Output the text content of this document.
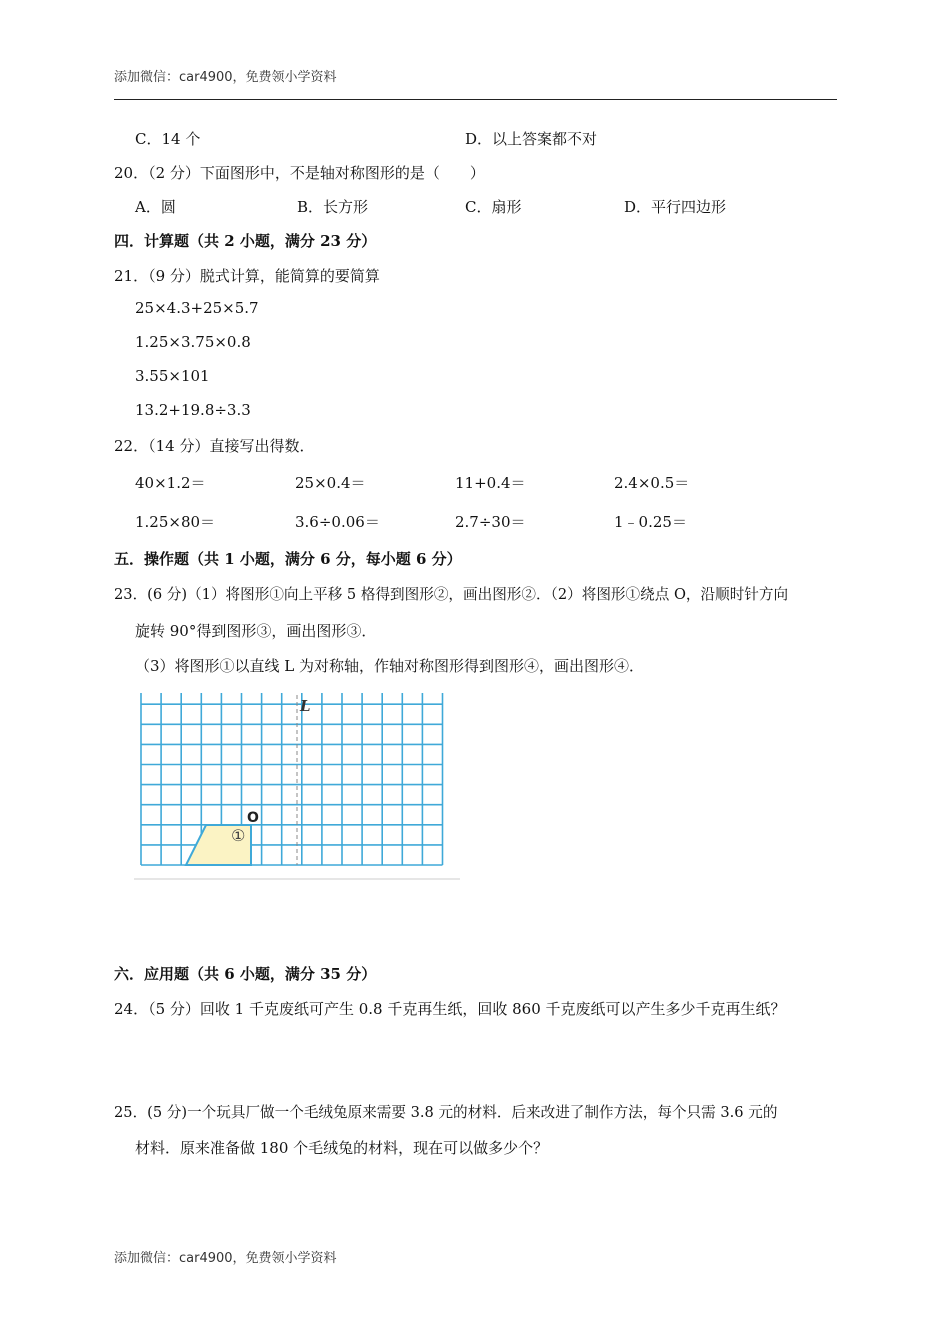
添加微信：car4900，免费领小学资料
C．14 个	D．以上答案都不对
20．（2 分）下面图形中，不是轴对称图形的是（　　）
A．圆	B．长方形	C．扇形	D．平行四边形
四．计算题（共 2 小题，满分 23 分）
21．（9 分）脱式计算，能简算的要简算
25×4.3+25×5.7
1.25×3.75×0.8
3.55×101
13.2+19.8÷3.3
22．（14 分）直接写出得数．
40×1.2＝	25×0.4＝	11+0.4＝	2.4×0.5＝
1.25×80＝	3.6÷0.06＝	2.7÷30＝	1﹣0.25＝
五．操作题（共 1 小题，满分 6 分，每小题 6 分）
23．(6 分)（1）将图形①向上平移 5 格得到图形②，画出图形②．（2）将图形①绕点 O，沿顺时针方向
旋转 90°得到图形③，画出图形③．
（3）将图形①以直线 L 为对称轴，作轴对称图形得到图形④，画出图形④．
L
O
①
六．应用题（共 6 小题，满分 35 分）
24．（5 分）回收 1 千克废纸可产生 0.8 千克再生纸，回收 860 千克废纸可以产生多少千克再生纸？
25．(5 分)一个玩具厂做一个毛绒兔原来需要 3.8 元的材料．后来改进了制作方法，每个只需 3.6 元的
材料．原来准备做 180 个毛绒兔的材料，现在可以做多少个？
添加微信：car4900，免费领小学资料
